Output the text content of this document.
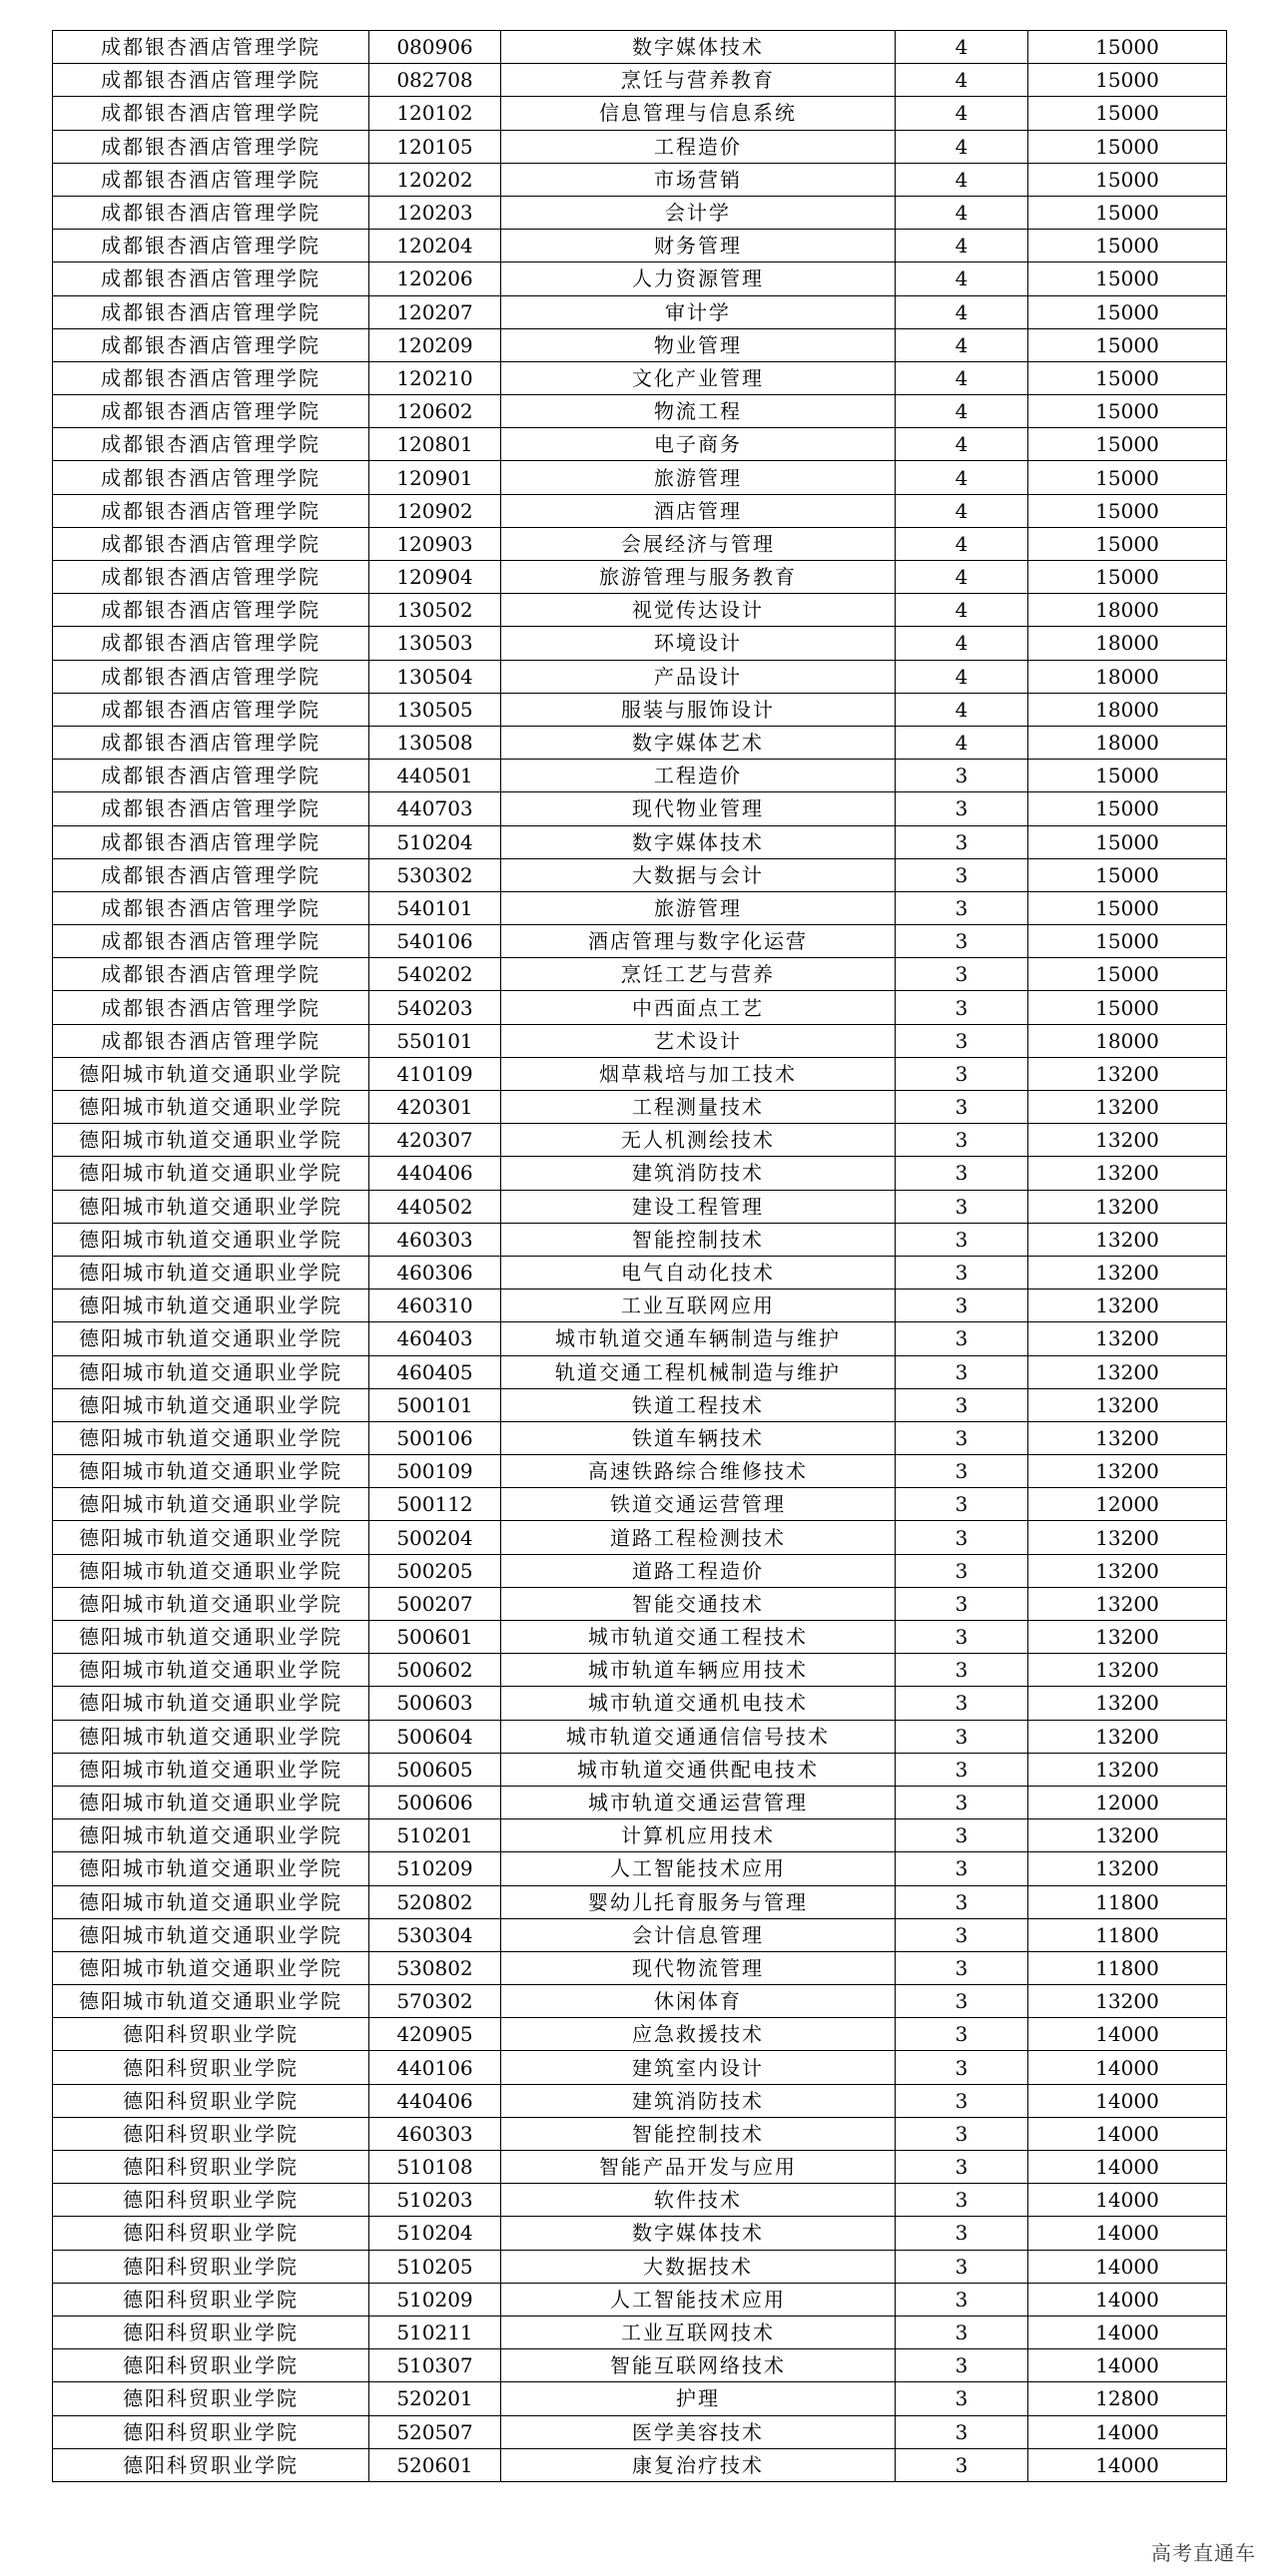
成都银杏酒店管理学院	080906	数字媒体技术	4	15000
成都银杏酒店管理学院	082708	烹饪与营养教育	4	15000
成都银杏酒店管理学院	120102	信息管理与信息系统	4	15000
成都银杏酒店管理学院	120105	工程造价	4	15000
成都银杏酒店管理学院	120202	市场营销	4	15000
成都银杏酒店管理学院	120203	会计学	4	15000
成都银杏酒店管理学院	120204	财务管理	4	15000
成都银杏酒店管理学院	120206	人力资源管理	4	15000
成都银杏酒店管理学院	120207	审计学	4	15000
成都银杏酒店管理学院	120209	物业管理	4	15000
成都银杏酒店管理学院	120210	文化产业管理	4	15000
成都银杏酒店管理学院	120602	物流工程	4	15000
成都银杏酒店管理学院	120801	电子商务	4	15000
成都银杏酒店管理学院	120901	旅游管理	4	15000
成都银杏酒店管理学院	120902	酒店管理	4	15000
成都银杏酒店管理学院	120903	会展经济与管理	4	15000
成都银杏酒店管理学院	120904	旅游管理与服务教育	4	15000
成都银杏酒店管理学院	130502	视觉传达设计	4	18000
成都银杏酒店管理学院	130503	环境设计	4	18000
成都银杏酒店管理学院	130504	产品设计	4	18000
成都银杏酒店管理学院	130505	服装与服饰设计	4	18000
成都银杏酒店管理学院	130508	数字媒体艺术	4	18000
成都银杏酒店管理学院	440501	工程造价	3	15000
成都银杏酒店管理学院	440703	现代物业管理	3	15000
成都银杏酒店管理学院	510204	数字媒体技术	3	15000
成都银杏酒店管理学院	530302	大数据与会计	3	15000
成都银杏酒店管理学院	540101	旅游管理	3	15000
成都银杏酒店管理学院	540106	酒店管理与数字化运营	3	15000
成都银杏酒店管理学院	540202	烹饪工艺与营养	3	15000
成都银杏酒店管理学院	540203	中西面点工艺	3	15000
成都银杏酒店管理学院	550101	艺术设计	3	18000
德阳城市轨道交通职业学院	410109	烟草栽培与加工技术	3	13200
德阳城市轨道交通职业学院	420301	工程测量技术	3	13200
德阳城市轨道交通职业学院	420307	无人机测绘技术	3	13200
德阳城市轨道交通职业学院	440406	建筑消防技术	3	13200
德阳城市轨道交通职业学院	440502	建设工程管理	3	13200
德阳城市轨道交通职业学院	460303	智能控制技术	3	13200
德阳城市轨道交通职业学院	460306	电气自动化技术	3	13200
德阳城市轨道交通职业学院	460310	工业互联网应用	3	13200
德阳城市轨道交通职业学院	460403	城市轨道交通车辆制造与维护	3	13200
德阳城市轨道交通职业学院	460405	轨道交通工程机械制造与维护	3	13200
德阳城市轨道交通职业学院	500101	铁道工程技术	3	13200
德阳城市轨道交通职业学院	500106	铁道车辆技术	3	13200
德阳城市轨道交通职业学院	500109	高速铁路综合维修技术	3	13200
德阳城市轨道交通职业学院	500112	铁道交通运营管理	3	12000
德阳城市轨道交通职业学院	500204	道路工程检测技术	3	13200
德阳城市轨道交通职业学院	500205	道路工程造价	3	13200
德阳城市轨道交通职业学院	500207	智能交通技术	3	13200
德阳城市轨道交通职业学院	500601	城市轨道交通工程技术	3	13200
德阳城市轨道交通职业学院	500602	城市轨道车辆应用技术	3	13200
德阳城市轨道交通职业学院	500603	城市轨道交通机电技术	3	13200
德阳城市轨道交通职业学院	500604	城市轨道交通通信信号技术	3	13200
德阳城市轨道交通职业学院	500605	城市轨道交通供配电技术	3	13200
德阳城市轨道交通职业学院	500606	城市轨道交通运营管理	3	12000
德阳城市轨道交通职业学院	510201	计算机应用技术	3	13200
德阳城市轨道交通职业学院	510209	人工智能技术应用	3	13200
德阳城市轨道交通职业学院	520802	婴幼儿托育服务与管理	3	11800
德阳城市轨道交通职业学院	530304	会计信息管理	3	11800
德阳城市轨道交通职业学院	530802	现代物流管理	3	11800
德阳城市轨道交通职业学院	570302	休闲体育	3	13200
德阳科贸职业学院	420905	应急救援技术	3	14000
德阳科贸职业学院	440106	建筑室内设计	3	14000
德阳科贸职业学院	440406	建筑消防技术	3	14000
德阳科贸职业学院	460303	智能控制技术	3	14000
德阳科贸职业学院	510108	智能产品开发与应用	3	14000
德阳科贸职业学院	510203	软件技术	3	14000
德阳科贸职业学院	510204	数字媒体技术	3	14000
德阳科贸职业学院	510205	大数据技术	3	14000
德阳科贸职业学院	510209	人工智能技术应用	3	14000
德阳科贸职业学院	510211	工业互联网技术	3	14000
德阳科贸职业学院	510307	智能互联网络技术	3	14000
德阳科贸职业学院	520201	护理	3	12800
德阳科贸职业学院	520507	医学美容技术	3	14000
德阳科贸职业学院	520601	康复治疗技术	3	14000
高考直通车
